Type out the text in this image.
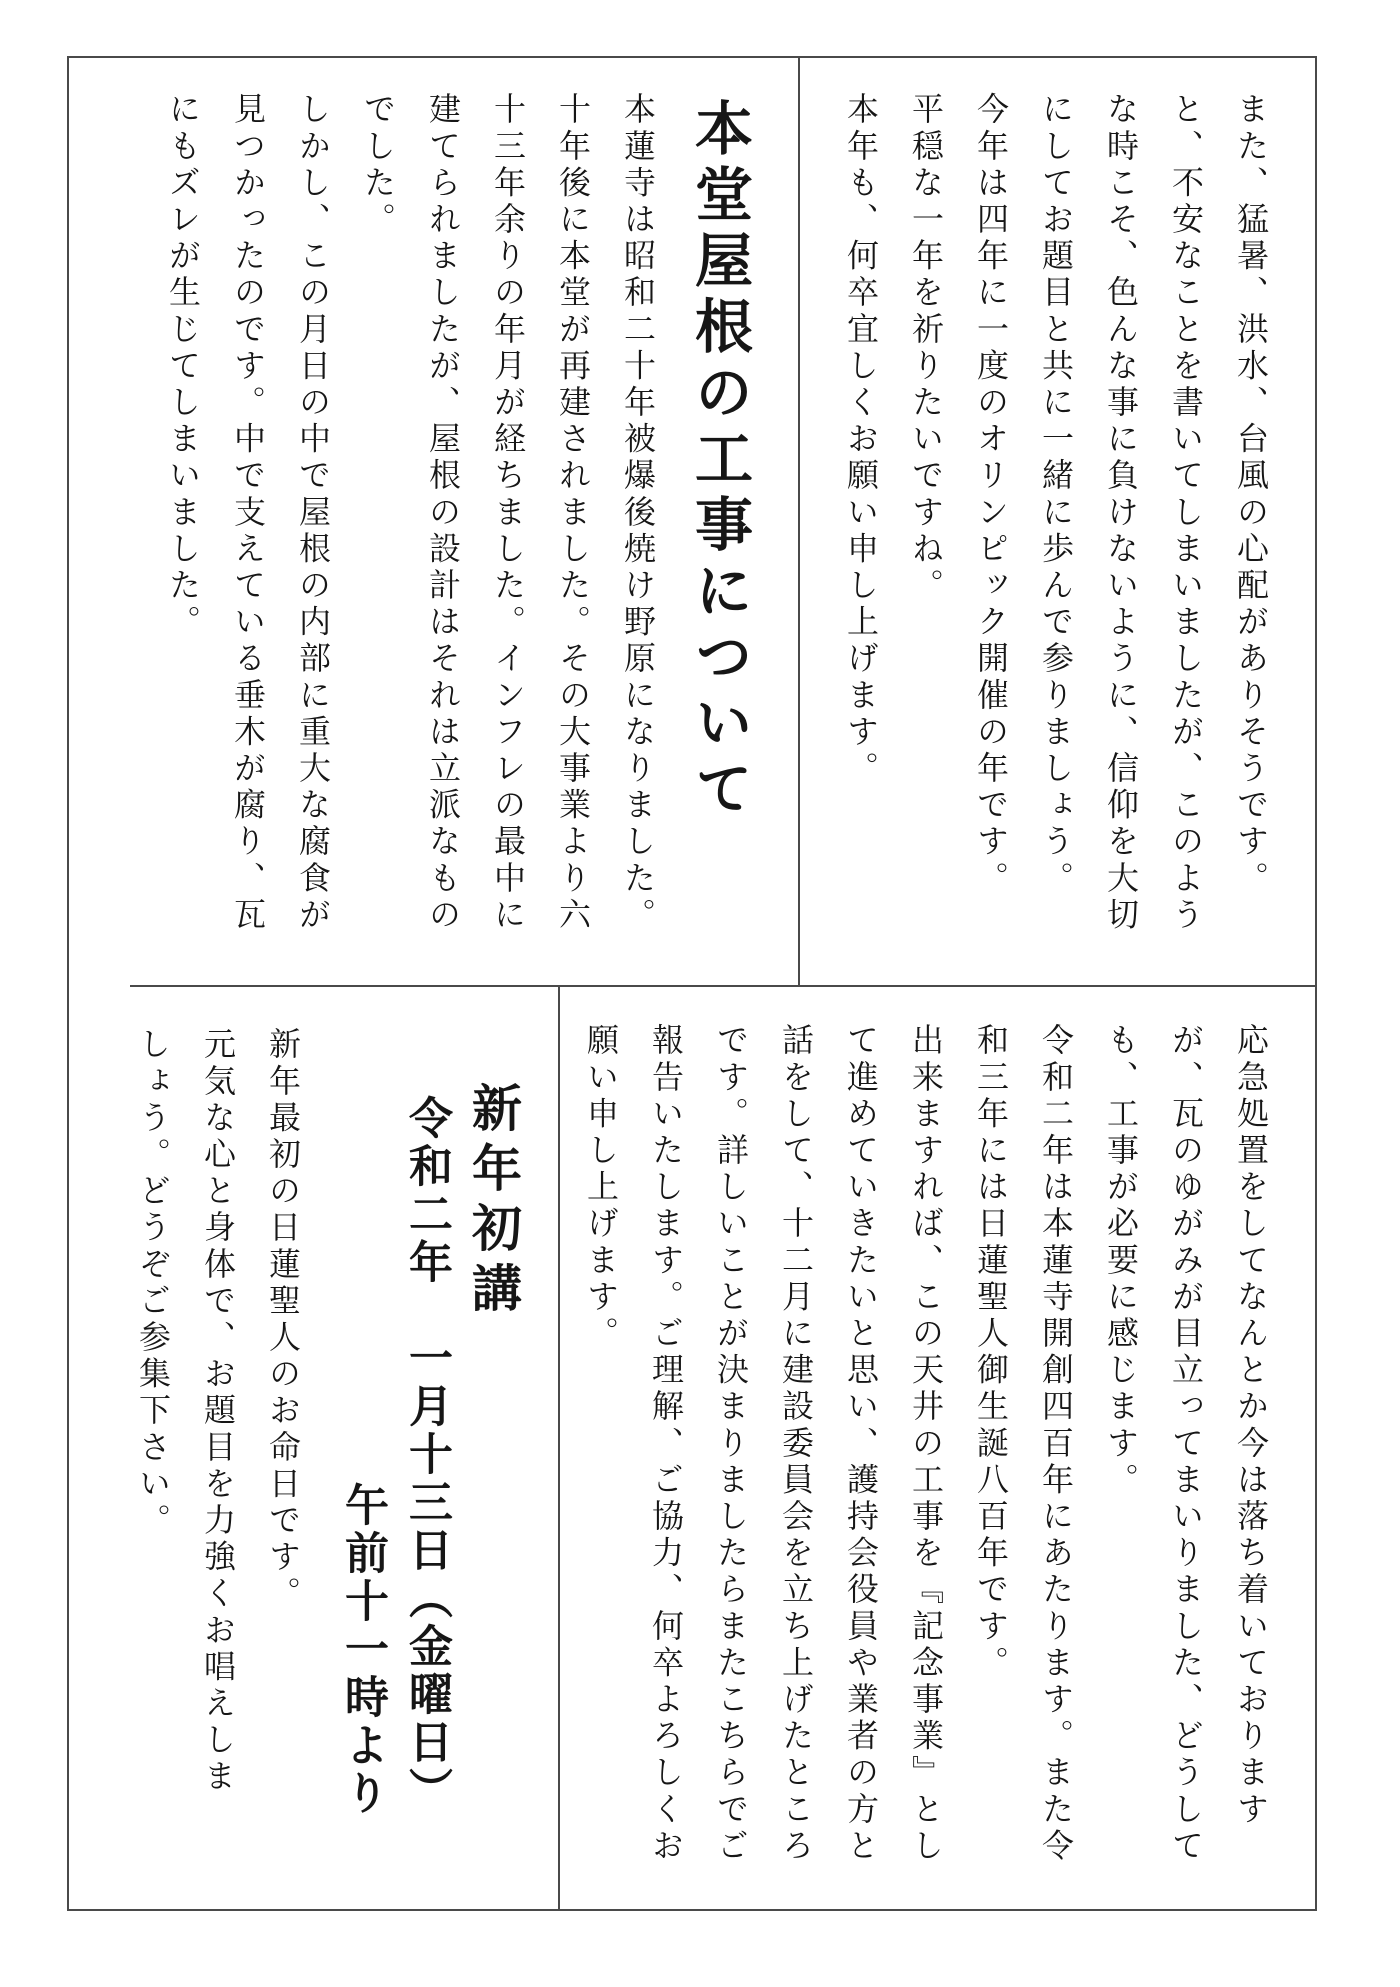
また、猛暑、洪水、台風の心配がありそうです。
と、不安なことを書いてしまいましたが、このよう
な時こそ、色んな事に負けないように、信仰を大切
にしてお題目と共に一緒に歩んで参りましょう。
今年は四年に一度のオリンピック開催の年です。
平穏な一年を祈りたいですね。
本年も、何卒宜しくお願い申し上げます。
本堂屋根の工事について
本蓮寺は昭和二十年被爆後焼け野原になりました。
十年後に本堂が再建されました。その大事業より六
十三年余りの年月が経ちました。インフレの最中に
建てられましたが、屋根の設計はそれは立派なもの
でした。
しかし、この月日の中で屋根の内部に重大な腐食が
見つかったのです。中で支えている垂木が腐り、瓦
にもズレが生じてしまいました。
応急処置をしてなんとか今は落ち着いております
が、瓦のゆがみが目立ってまいりました、どうして
も、工事が必要に感じます。
令和二年は本蓮寺開創四百年にあたります。また令
和三年には日蓮聖人御生誕八百年です。
出来ますれば、この天井の工事を『記念事業』とし
て進めていきたいと思い、護持会役員や業者の方と
話をして、十二月に建設委員会を立ち上げたところ
です。詳しいことが決まりましたらまたこちらでご
報告いたします。ご理解、ご協力、何卒よろしくお
願い申し上げます。
新年初講
令和二年　一月十三日（金曜日）
午前十一時より
新年最初の日蓮聖人のお命日です。
元気な心と身体で、お題目を力強くお唱えしま
しょう。どうぞご参集下さい。
